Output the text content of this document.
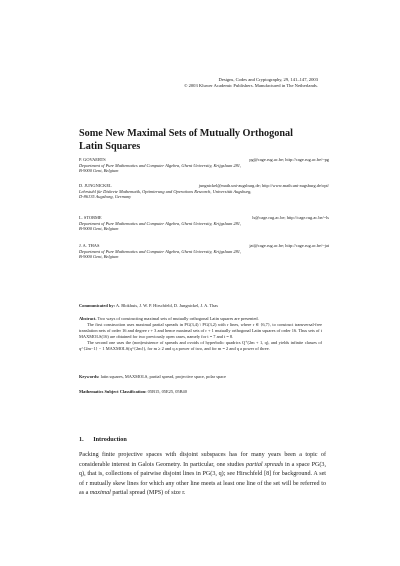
Designs, Codes and Cryptography, 29, 141–147, 2003
© 2003 Kluwer Academic Publishers. Manufactured in The Netherlands.
Some New Maximal Sets of Mutually Orthogonal
Latin Squares
P. GOVAERTS	pg@cage.rug.ac.be; http://cage.rug.ac.be/~pg
Department of Pure Mathematics and Computer Algebra, Ghent University, Krijgslaan 281,
B-9000 Gent, Belgium
D. JUNGNICKEL	jungnickel@math.uni-augsburg.de; http://www.math.uni-augsburg.de/opt/
Lehrstuhl für Diskrete Mathematik, Optimierung und Operations Research, Universität Augsburg,
D-86135 Augsburg, Germany
L. STORME	ls@cage.rug.ac.be; http://cage.rug.ac.be/~ls
Department of Pure Mathematics and Computer Algebra, Ghent University, Krijgslaan 281,
B-9000 Gent, Belgium
J. A. THAS	jat@cage.rug.ac.be; http://cage.rug.ac.be/~jat
Department of Pure Mathematics and Computer Algebra, Ghent University, Krijgslaan 281,
B-9000 Gent, Belgium
Communicated by: A. Blokhuis, J. W. P. Hirschfeld, D. Jungnickel, J. A. Thas

Abstract. Two ways of constructing maximal sets of mutually orthogonal Latin squares are presented.

The first construction uses maximal partial spreads in PG(3,4) \ PG(3,2) with r lines, where r ∈ {6,7}, to construct transversal-free translation nets of order 16 and degree r + 3 and hence maximal sets of r + 1 mutually orthogonal Latin squares of order 16. Thus sets of t MAXMOLS(16) are obtained for two previously open cases, namely for t = 7 and t = 8.

The second one uses the (non)existence of spreads and ovoids of hyperbolic quadrics Q⁺(2m + 1, q), and yields infinite classes of q^{2m−1} − 1 MAXMOLS(q^{2m}), for m ≥ 2 and q a power of two, and for m = 2 and q a power of three.

Keywords: latin squares, MAXMOLS, partial spread, projective space, polar space
Mathematics Subject Classification: 05B15, 05E25, 05B40
1. Introduction

Packing finite projective spaces with disjoint subspaces has for many years been a topic of considerable interest in Galois Geometry. In particular, one studies partial spreads in a space PG(3, q), that is, collections of pairwise disjoint lines in PG(3, q); see Hirschfeld [8] for background. A set of r mutually skew lines for which any other line meets at least one line of the set will be referred to as a maximal partial spread (MPS) of size r.
